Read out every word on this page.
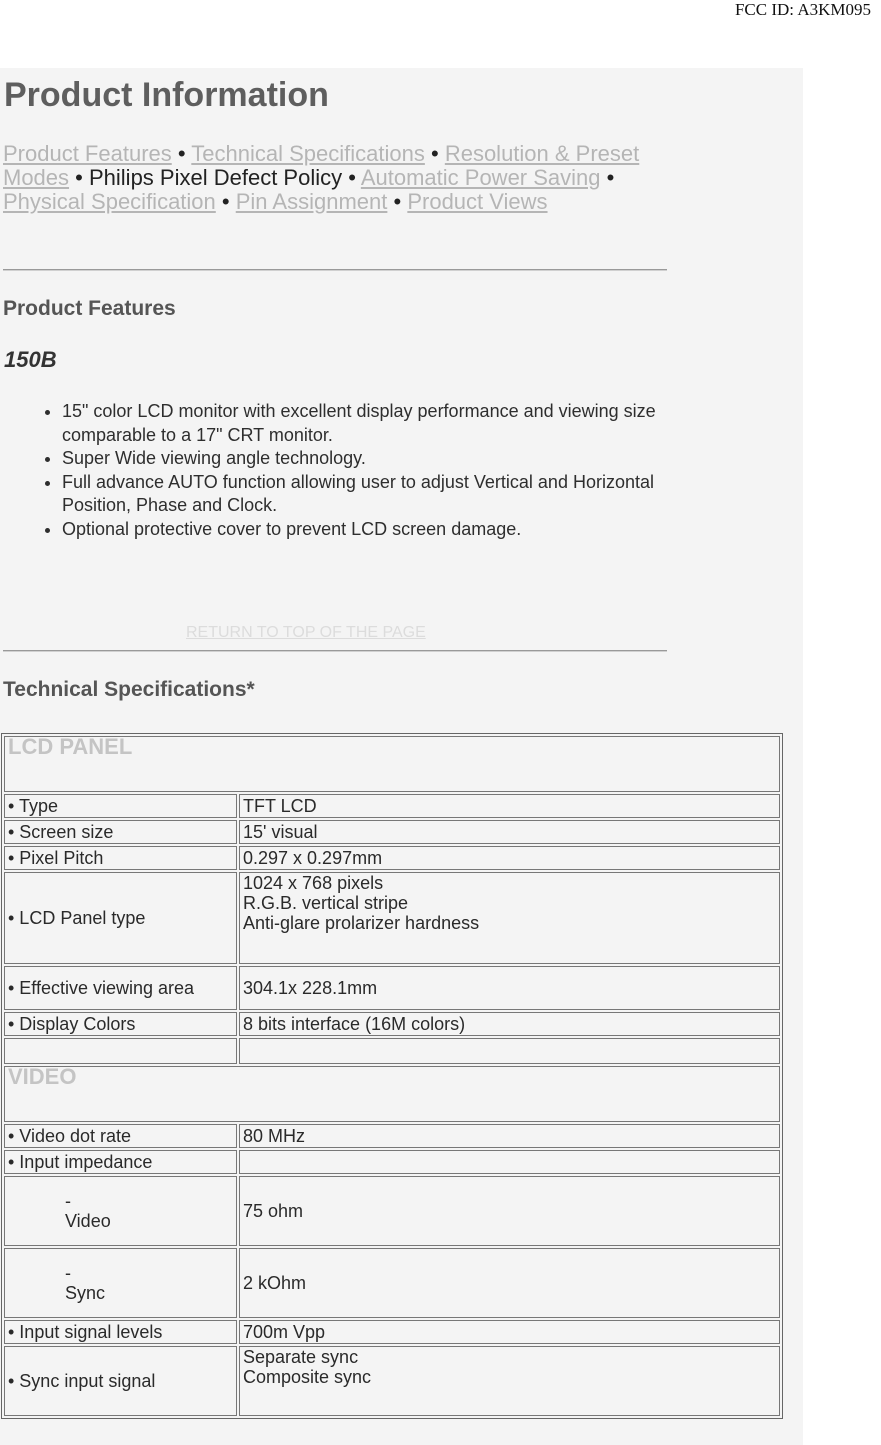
FCC ID: A3KM095
Product Information
Product Features • Technical Specifications • Resolution & Preset Modes • Philips Pixel Defect Policy • Automatic Power Saving • Physical Specification • Pin Assignment • Product Views
Product Features
150B
• 15" color LCD monitor with excellent display performance and viewing size comparable to a 17" CRT monitor.
• Super Wide viewing angle technology.
• Full advance AUTO function allowing user to adjust Vertical and Horizontal Position, Phase and Clock.
• Optional protective cover to prevent LCD screen damage.
RETURN TO TOP OF THE PAGE
Technical Specifications*
LCD PANEL	
• Type	TFT LCD
• Screen size	15' visual
• Pixel Pitch	0.297 x 0.297mm
• LCD Panel type	1024 x 768 pixels
R.G.B. vertical stripe
Anti-glare prolarizer hardness

• Effective viewing area	304.1x 228.1mm
• Display Colors	8 bits interface (16M colors)

VIDEO	
• Video dot rate	80 MHz
• Input impedance	

-
Video	75 ohm

-
Sync	2 kOhm
• Input signal levels	700m Vpp
• Sync input signal	Separate sync
Composite sync
